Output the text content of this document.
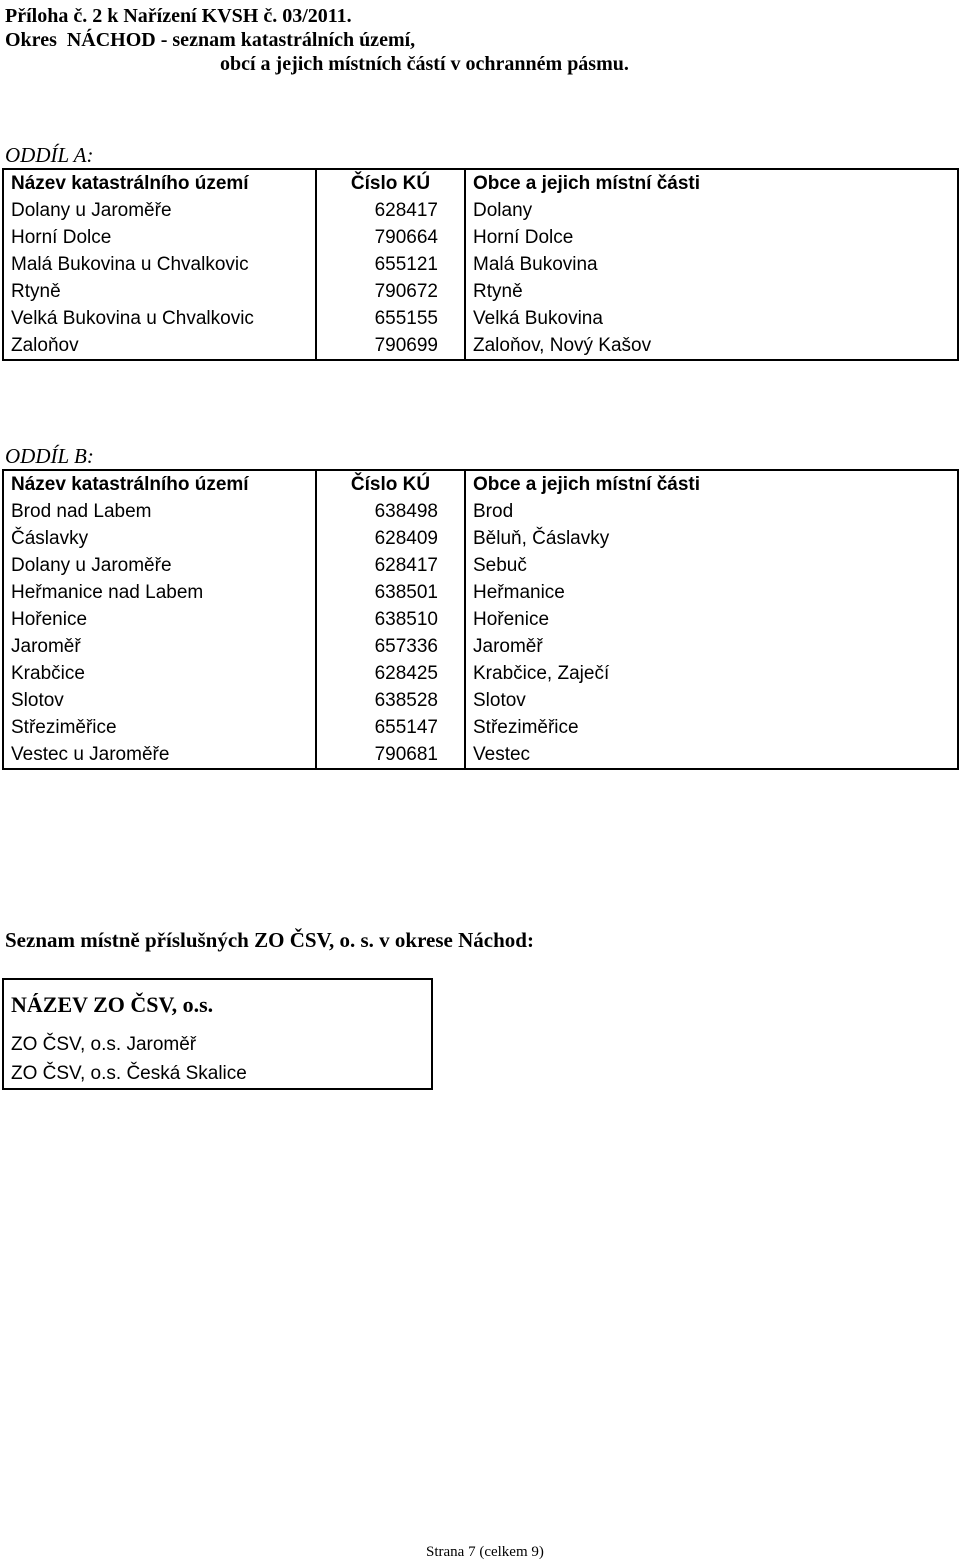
Příloha č. 2 k Nařízení KVSH č. 03/2011.
Okres  NÁCHOD - seznam katastrálních území,
obcí a jejich místních částí v ochranném pásmu.
ODDÍL A:
Název katastrálního území	Číslo KÚ	Obce a jejich místní části
Dolany u Jaroměře	628417	Dolany
Horní Dolce	790664	Horní Dolce
Malá Bukovina u Chvalkovic	655121	Malá Bukovina
Rtyně	790672	Rtyně
Velká Bukovina u Chvalkovic	655155	Velká Bukovina
Zaloňov	790699	Zaloňov, Nový Kašov
ODDÍL B:
Název katastrálního území	Číslo KÚ	Obce a jejich místní části
Brod nad Labem	638498	Brod
Čáslavky	628409	Běluň, Čáslavky
Dolany u Jaroměře	628417	Sebuč
Heřmanice nad Labem	638501	Heřmanice
Hořenice	638510	Hořenice
Jaroměř	657336	Jaroměř
Krabčice	628425	Krabčice, Zaječí
Slotov	638528	Slotov
Střeziměřice	655147	Střeziměřice
Vestec u Jaroměře	790681	Vestec
Seznam místně příslušných ZO ČSV, o. s. v okrese Náchod:
NÁZEV ZO ČSV, o.s.
ZO ČSV, o.s. Jaroměř
ZO ČSV, o.s. Česká Skalice
Strana 7 (celkem 9)
